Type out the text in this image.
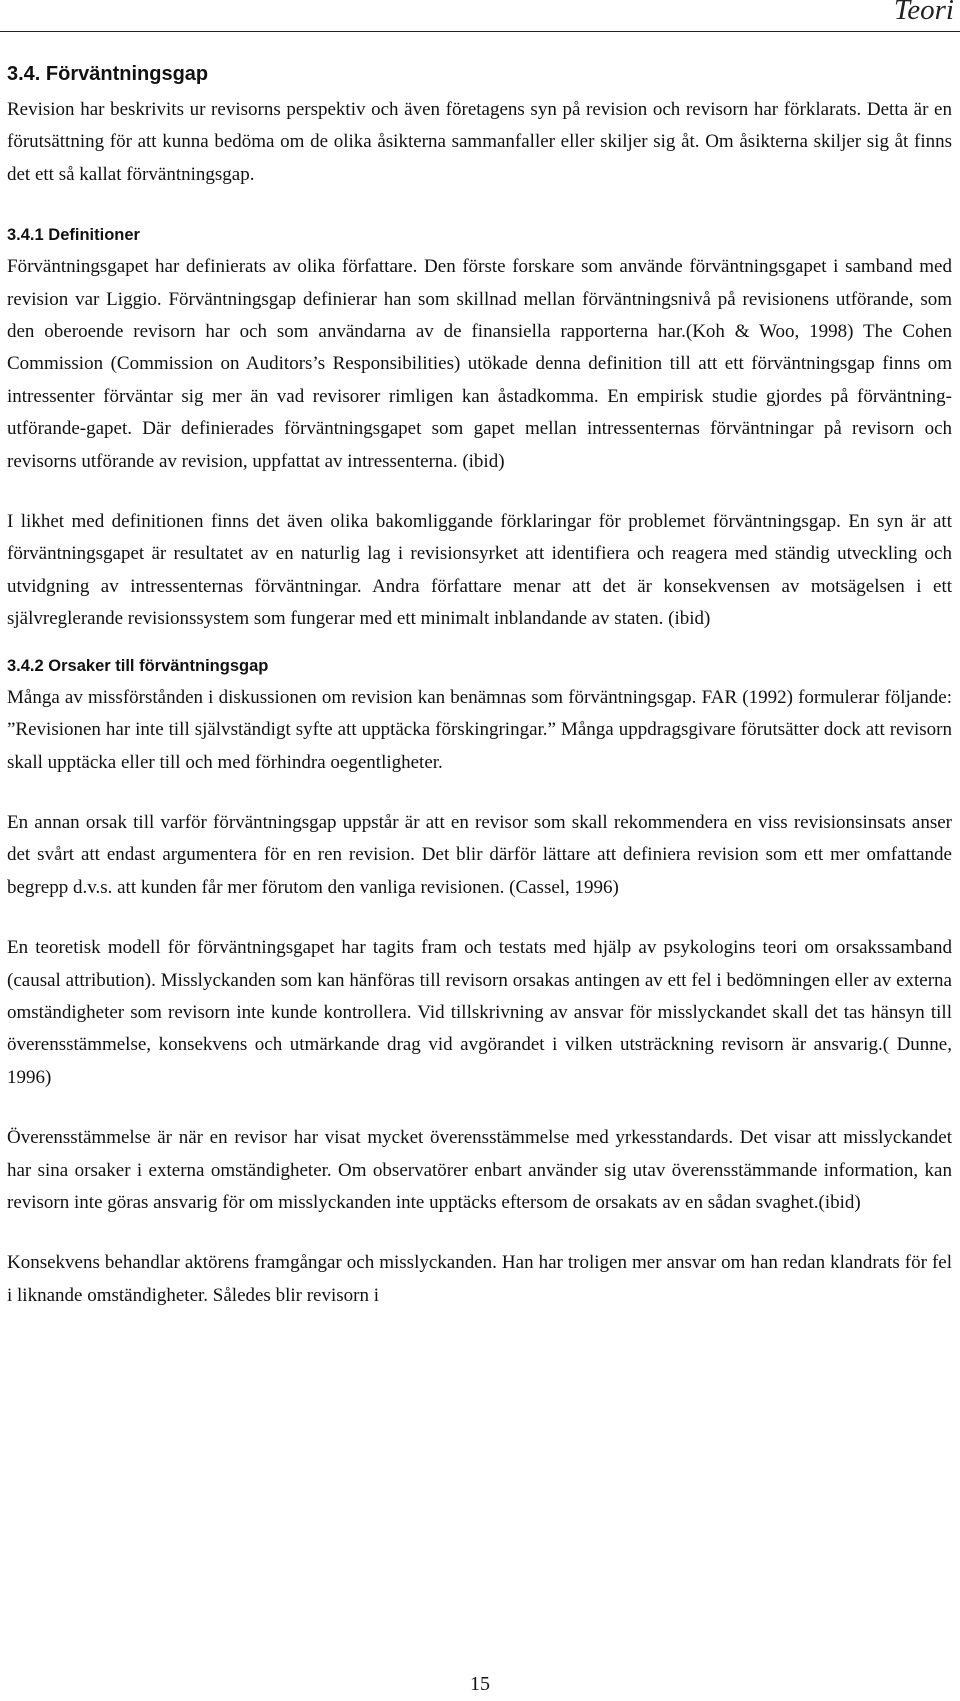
Teori
3.4. Förväntningsgap

Revision har beskrivits ur revisorns perspektiv och även företagens syn på revision och revisorn har förklarats. Detta är en förutsättning för att kunna bedöma om de olika åsikterna sammanfaller eller skiljer sig åt. Om åsikterna skiljer sig åt finns det ett så kallat förväntningsgap.

3.4.1 Definitioner

Förväntningsgapet har definierats av olika författare. Den förste forskare som använde förväntningsgapet i samband med revision var Liggio. Förväntningsgap definierar han som skillnad mellan förväntningsnivå på revisionens utförande, som den oberoende revisorn har och som användarna av de finansiella rapporterna har.(Koh & Woo, 1998) The Cohen Commission (Commission on Auditors’s Responsibilities) utökade denna definition till att ett förväntningsgap finns om intressenter förväntar sig mer än vad revisorer rimligen kan åstadkomma. En empirisk studie gjordes på förväntning-utförande-gapet. Där definierades förväntningsgapet som gapet mellan intressenternas förväntningar på revisorn och revisorns utförande av revision, uppfattat av intressenterna. (ibid)

I likhet med definitionen finns det även olika bakomliggande förklaringar för problemet förväntningsgap. En syn är att förväntningsgapet är resultatet av en naturlig lag i revisionsyrket att identifiera och reagera med ständig utveckling och utvidgning av intressenternas förväntningar. Andra författare menar att det är konsekvensen av motsägelsen i ett självreglerande revisionssystem som fungerar med ett minimalt inblandande av staten. (ibid)

3.4.2 Orsaker till förväntningsgap

Många av missförstånden i diskussionen om revision kan benämnas som förväntningsgap. FAR (1992) formulerar följande: ”Revisionen har inte till självständigt syfte att upptäcka förskingringar.” Många uppdragsgivare förutsätter dock att revisorn skall upptäcka eller till och med förhindra oegentligheter.

En annan orsak till varför förväntningsgap uppstår är att en revisor som skall rekommendera en viss revisionsinsats anser det svårt att endast argumentera för en ren revision. Det blir därför lättare att definiera revision som ett mer omfattande begrepp d.v.s. att kunden får mer förutom den vanliga revisionen. (Cassel, 1996)

En teoretisk modell för förväntningsgapet har tagits fram och testats med hjälp av psykologins teori om orsakssamband (causal attribution). Misslyckanden som kan hänföras till revisorn orsakas antingen av ett fel i bedömningen eller av externa omständigheter som revisorn inte kunde kontrollera. Vid tillskrivning av ansvar för misslyckandet skall det tas hänsyn till överensstämmelse, konsekvens och utmärkande drag vid avgörandet i vilken utsträckning revisorn är ansvarig.( Dunne, 1996)

Överensstämmelse är när en revisor har visat mycket överensstämmelse med yrkesstandards. Det visar att misslyckandet har sina orsaker i externa omständigheter. Om observatörer enbart använder sig utav överensstämmande information, kan revisorn inte göras ansvarig för om misslyckanden inte upptäcks eftersom de orsakats av en sådan svaghet.(ibid)

Konsekvens behandlar aktörens framgångar och misslyckanden. Han har troligen mer ansvar om han redan klandrats för fel i liknande omständigheter. Således blir revisorn i

15
